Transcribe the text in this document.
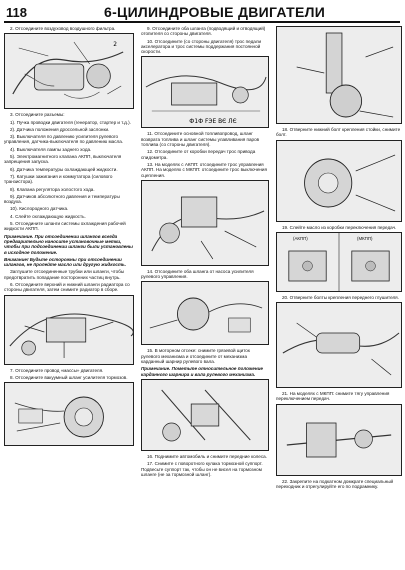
118	6-ЦИЛИНДРОВЫЕ ДВИГАТЕЛИ

2. Отсоедините воздуховод воздушного фильтра.

2

3. Отсоедините разъемы:

1). Пучка проводки двигателя (генератор, стартер и т.д.).

2). Датчика положения дроссельной заслонки.

3). Выключателя по давлению усилителя рулевого управления, датчика-выключателя по давлению масла.

4). Выключателя лампы заднего хода.

5). Электромагнитного клапана АКПП, выключателя запрещения запуска.

6). Датчика температуры охлаждающей жидкости.

7). Катушки зажигания и коммутатора (силового транзистора).

8). Клапана регулятора холостого хода.

9). Датчиков абсолютного давления и температуры воздуха.

10). Кислородного датчика.

4. Слейте охлаждающую жидкость.

5. Отсоедините шланги системы охлаждения рабочей жидкости АКПП.

Примечание. При отсоединении шлангов всегда предварительно наносите установочные метки, чтобы при подсоединении шланги были установлены в исходное положение.

Внимание! Будьте осторожны при отсоединении шлангов, не пролейте масло или другую жидкость.

Заглушите отсоединенные трубки или шланги, чтобы предотвратить попадание посторонних частиц внутрь.

6. Отсоедините верхний и нижний шланги радиатора со стороны двигателя, затем снимите радиатор в сборе.

7. Отсоедините провод «массы» двигателя.

8. Отсоедините вакуумный шланг усилителя тормозов.

9. Отсоедините оба шланга (подводящий и отводящий) отопителя со стороны двигателя.

10. Отсоедините (со стороны двигателя) трос педали акселератора и трос системы поддержания постоянной скорости.

Ф1Ф FЭЕ ВЄ ЛЄ

11. Отсоедините основной топливопровод, шланг возврата топлива и шланг системы улавливания паров топлива (со стороны двигателя).

12. Отсоедините от коробки передач трос привода спидометра.

13. На моделях с АКПП: отсоедините трос управления АКПП. На моделях с МКПП: отсоедините трос выключения сцепления.

14. Отсоедините оба шланга от насоса усилителя рулевого управления.

15. В моторном отсеке: снимите грязевой щиток рулевого механизма и отсоедините от механизма карданный шарнир рулевого вала.

Примечание. Пометьте относительное положение карданного шарнира и вала рулевого механизма.

16. Поднимите автомобиль и снимите передние колеса.

17. Снимите с поворотного кулака тормозной суппорт. Подвесьте суппорт так, чтобы он не висел на тормозном шланге (не за тормозной шланг).

18. Отверните нижний болт крепления стойки, снимите болт.

19. Слейте масло из коробки переключения передач.

(АКПП)	(МКПП)

20. Отверните болты крепления переднего глушителя.

21. На моделях с МКПП: снимите тягу управления переключением передач.

22. Закрепите на подкатном домкрате специальный переходник и отрегулируйте его по подрамнику.
